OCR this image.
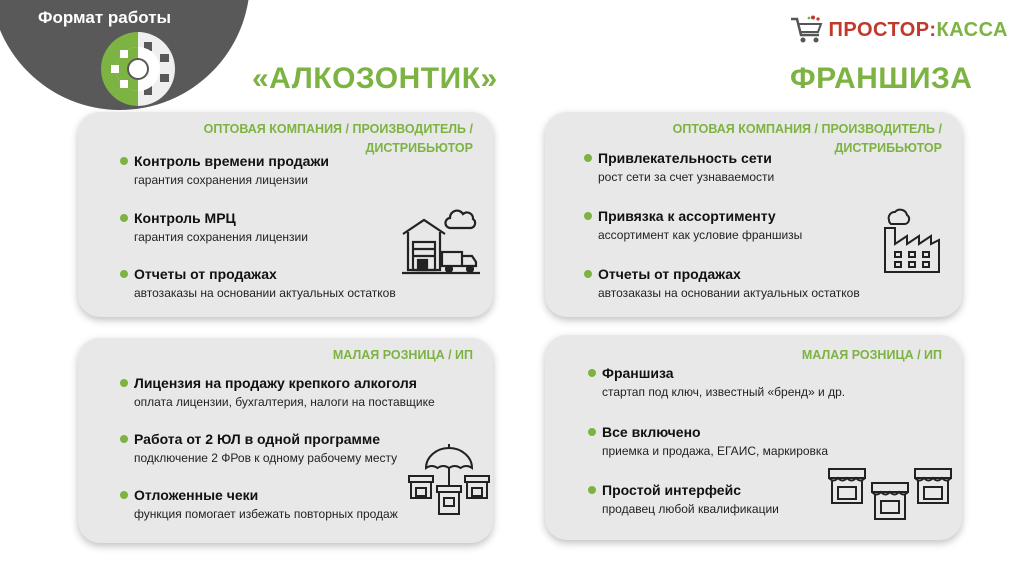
Формат работы
ПРОСТОР:КАССА
«АЛКОЗОНТИК»	ФРАНШИЗА
ОПТОВАЯ КОМПАНИЯ / ПРОИЗВОДИТЕЛЬ / ДИСТРИБЬЮТОР
Контроль времени продажи
гарантия сохранения лицензии
Контроль МРЦ
гарантия сохранения лицензии
Отчеты от продажах
автозаказы на основании актуальных остатков
МАЛАЯ РОЗНИЦА / ИП
Лицензия на продажу крепкого алкоголя
оплата лицензии, бухгалтерия, налоги на поставщике
Работа от 2 ЮЛ в одной программе
подключение 2 ФРов к одному рабочему месту
Отложенные чеки
функция помогает избежать повторных продаж
ОПТОВАЯ КОМПАНИЯ / ПРОИЗВОДИТЕЛЬ / ДИСТРИБЬЮТОР
Привлекательность сети
рост сети за счет узнаваемости
Привязка к ассортименту
ассортимент как условие франшизы
Отчеты от продажах
автозаказы на основании актуальных остатков
МАЛАЯ РОЗНИЦА / ИП
Франшиза
стартап под ключ, известный «бренд» и др.
Все включено
приемка и продажа, ЕГАИС, маркировка
Простой интерфейс
продавец любой квалификации
